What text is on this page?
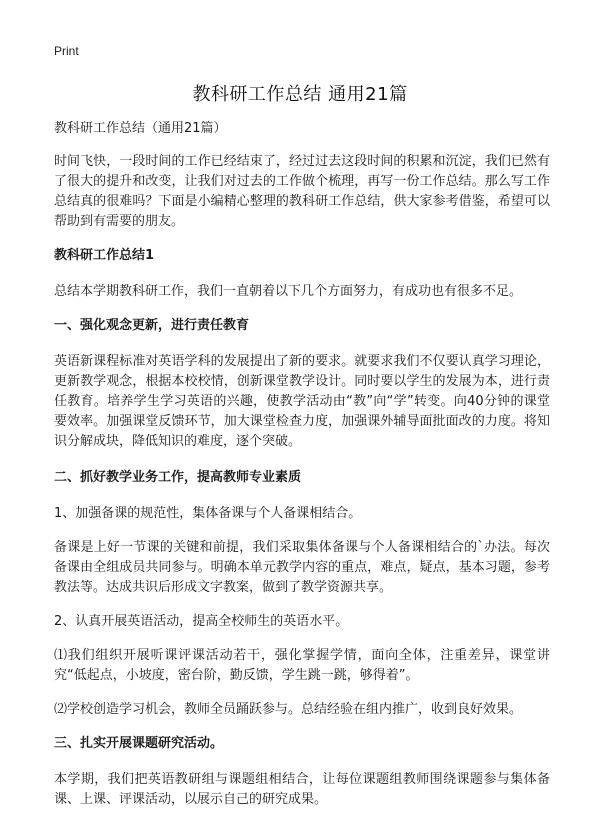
Print
教科研工作总结 通用21篇

教科研工作总结（通用21篇）

时间飞快，一段时间的工作已经结束了，经过过去这段时间的积累和沉淀，我们已然有了很大的提升和改变，让我们对过去的工作做个梳理，再写一份工作总结。那么写工作总结真的很难吗？下面是小编精心整理的教科研工作总结，供大家参考借鉴，希望可以帮助到有需要的朋友。

教科研工作总结1

总结本学期教科研工作，我们一直朝着以下几个方面努力，有成功也有很多不足。

一、强化观念更新，进行责任教育

英语新课程标准对英语学科的发展提出了新的要求。就要求我们不仅要认真学习理论，更新教学观念，根据本校校情，创新课堂教学设计。同时要以学生的发展为本，进行责任教育。培养学生学习英语的兴趣，使教学活动由“教”向“学”转变。向40分钟的课堂要效率。加强课堂反馈环节，加大课堂检查力度，加强课外辅导面批面改的力度。将知识分解成块，降低知识的难度，逐个突破。

二、抓好教学业务工作，提高教师专业素质

1、加强备课的规范性，集体备课与个人备课相结合。

备课是上好一节课的关键和前提，我们采取集体备课与个人备课相结合的`办法。每次备课由全组成员共同参与。明确本单元教学内容的重点，难点，疑点，基本习题，参考教法等。达成共识后形成文字教案，做到了教学资源共享。

2、认真开展英语活动，提高全校师生的英语水平。

⑴我们组织开展听课评课活动若干，强化掌握学情，面向全体，注重差异，课堂讲究“低起点，小坡度，密台阶，勤反馈，学生跳一跳，够得着”。

⑵学校创造学习机会，教师全员踊跃参与。总结经验在组内推广，收到良好效果。

三、扎实开展课题研究活动。

本学期，我们把英语教研组与课题组相结合，让每位课题组教师围绕课题参与集体备课、上课、评课活动，以展示自己的研究成果。
